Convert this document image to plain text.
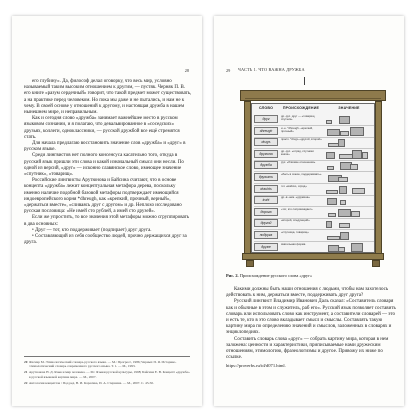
28

его глубину». Да, философ делал оговорку, что весь мир, условно называемый таким высоким отношением к другим, — пустяк. Черняк П. В. его книге «разум сердечный» говорит, что такой предмет может существовать, а на практике перед человеком. Но пока мы даже и не пытались, и нам не к чему. В своей основе у отношений к другому, и настоящая дружба в нашем нынешнем мире, и неправильным.

Как и сегодня слово «дружба» занимает важнейшее место в русском языковом сознании, и я полагаю, что девальвированное в «соседских» друзьях, коллеги, одноклассники, — русской дружбой все ещё стремятся стать.

Для начала предлагаю восстановить значение слов «дружба» и «друг» в русском языке.

Среди лингвистов нет полного консенсуса касательно того, откуда в русский язык пришли эти слова и какой изначальный смысл они несли. По одной из версий, «друг» — исконно славянское слово, имеющее значение «спутник», «товарищ».

Российские лингвисты Арутюнова и Байсина считают, что в основе концепта «дружба» лежит концептуальная метафора дерева, поскольку именно наличие подобной базовой метафоры подтверждает имеющийся индоевропейского корня *dhreugh, как «крепкий, прочный, верный», «держаться вместе», «сливаясь друг с другом» и др. Неплохо исследовано русская пословица: «Не имей сто рублей, а имей сто друзей».

Если же упростить, то все значения этой метафоры можно сгруппировать в два основных:

• Друг — тот, кто поддерживает (подпирает) друг друга.

• Составляющий из себя сообщество людей, прочно держащихся друг за друга.

20 Фасмер М. Этимологический словарь русского языка. — М.: Прогресс, 1986; Черных П. Я. Историко-этимологический словарь современного русского языка. Т. 1. — М., 1993.
21 Арутюнова Н. Д. Язык и мир человека. — М.: Языки русской культуры, 1998; Байсина Е. В. Концепт «дружба» в русской языковой картине мира. — М., 2007.
22 Антология концептов / Под ред. В. И. Карасика, И. А. Стернина. — М., 2007. С. 45-50.
29 ЧАСТЬ 1. ЧТО ВАЖНА ДРУЖБА
СЛОВО	ПРОИСХОЖДЕНИЕ	ЗНАЧЕНИЕ
друг
др.-рус. друг — «товарищ, спутник»
dhreugh
и.-е. *dhreugh- «крепкий, прочный»
drugъ
прасл. *drugъ «другой, второй»
дружина
др.-рус. «отряд, спутники князя»
дружба
рус. «близкие отношения»
дружить
«быть в союзе, поддерживать»
drauhts
гот. «войско, отряд»
truht
др.-в.-нем. «дружина»
дорога
«тот, кто сопровождает»
другой
«второй, следующий»
подруга
«спутница, товарищ»
друже
звательная форма
Рис. 2. Происхождение русского слова «друг»

Какими должны быть наши отношения с людьми, чтобы нам захотелось действовать к ним, держаться вместе, поддерживать друг друга?

Русский лингвист Владимир Иванович Даль сказал: «Составитель словаря как и обычные в этом и служитель, раб его». Русский язык позволяет составить словарь или использовать слово как инструмент, а составители словарей — это и есть те, кто в это слово вкладывает смысл и смыслы. Составлять такую картину мира по определению значений и смыслов, заложенных в словарях и энциклопедиях.

Составить словарь слова «друг» — собрать картину мира, которая в нем заложена: ценности и характеристики, приписываемые нами дружеским отношениям, этимологию, фразеологизмы и другое. Привожу их ниже по ссылке.

https://proverbs.ru/id/d071.html.
